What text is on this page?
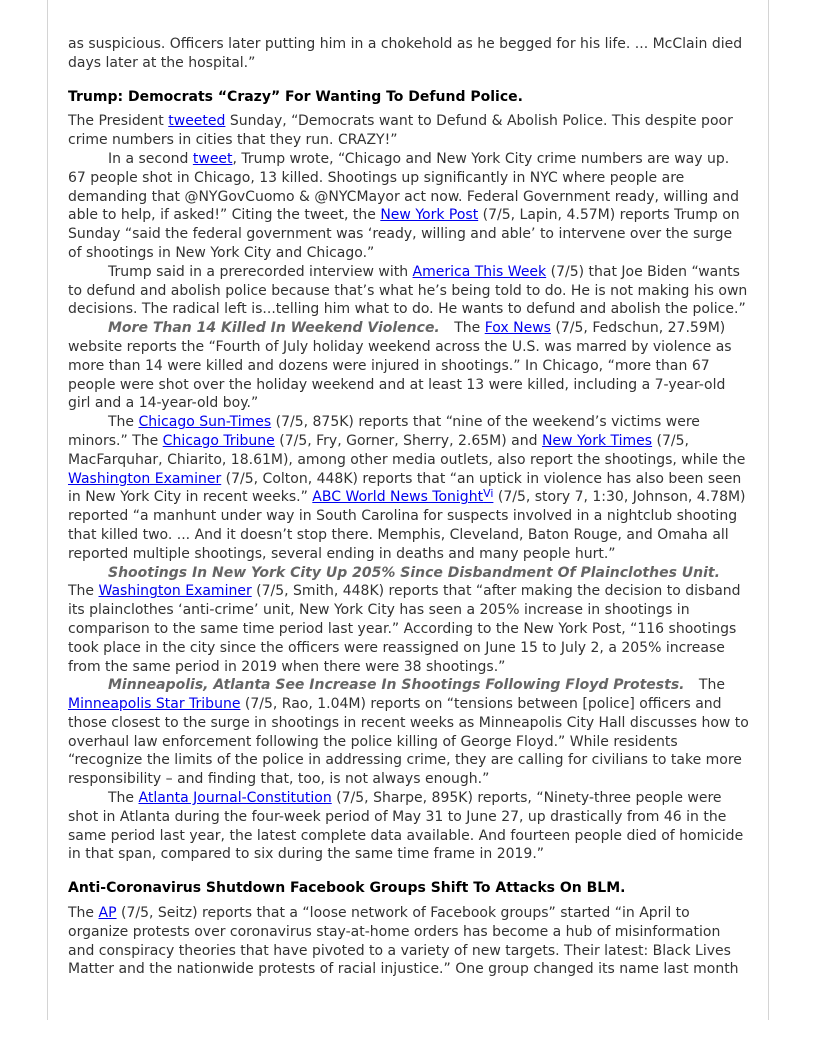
as suspicious. Officers later putting him in a chokehold as he begged for his life. ... McClain died days later at the hospital.”

Trump: Democrats “Crazy” For Wanting To Defund Police.

The President tweeted Sunday, “Democrats want to Defund & Abolish Police. This despite poor crime numbers in cities that they run. CRAZY!”

In a second tweet, Trump wrote, “Chicago and New York City crime numbers are way up. 67 people shot in Chicago, 13 killed. Shootings up significantly in NYC where people are demanding that @NYGovCuomo & @NYCMayor act now. Federal Government ready, willing and able to help, if asked!” Citing the tweet, the New York Post (7/5, Lapin, 4.57M) reports Trump on Sunday “said the federal government was ‘ready, willing and able’ to intervene over the surge of shootings in New York City and Chicago.”

Trump said in a prerecorded interview with America This Week (7/5) that Joe Biden “wants to defund and abolish police because that’s what he’s being told to do. He is not making his own decisions. The radical left is...telling him what to do. He wants to defund and abolish the police.”

More Than 14 Killed In Weekend Violence. The Fox News (7/5, Fedschun, 27.59M) website reports the “Fourth of July holiday weekend across the U.S. was marred by violence as more than 14 were killed and dozens were injured in shootings.” In Chicago, “more than 67 people were shot over the holiday weekend and at least 13 were killed, including a 7-year-old girl and a 14-year-old boy.”

The Chicago Sun-Times (7/5, 875K) reports that “nine of the weekend’s victims were minors.” The Chicago Tribune (7/5, Fry, Gorner, Sherry, 2.65M) and New York Times (7/5, MacFarquhar, Chiarito, 18.61M), among other media outlets, also report the shootings, while the Washington Examiner (7/5, Colton, 448K) reports that “an uptick in violence has also been seen in New York City in recent weeks.” ABC World News Tonight$^{Vi}$ (7/5, story 7, 1:30, Johnson, 4.78M) reported “a manhunt under way in South Carolina for suspects involved in a nightclub shooting that killed two. ... And it doesn’t stop there. Memphis, Cleveland, Baton Rouge, and Omaha all reported multiple shootings, several ending in deaths and many people hurt.”

Shootings In New York City Up 205% Since Disbandment Of Plainclothes Unit. The Washington Examiner (7/5, Smith, 448K) reports that “after making the decision to disband its plainclothes ‘anti-crime’ unit, New York City has seen a 205% increase in shootings in comparison to the same time period last year.” According to the New York Post, “116 shootings took place in the city since the officers were reassigned on June 15 to July 2, a 205% increase from the same period in 2019 when there were 38 shootings.”

Minneapolis, Atlanta See Increase In Shootings Following Floyd Protests. The Minneapolis Star Tribune (7/5, Rao, 1.04M) reports on “tensions between [police] officers and those closest to the surge in shootings in recent weeks as Minneapolis City Hall discusses how to overhaul law enforcement following the police killing of George Floyd.” While residents “recognize the limits of the police in addressing crime, they are calling for civilians to take more responsibility – and finding that, too, is not always enough.”

The Atlanta Journal-Constitution (7/5, Sharpe, 895K) reports, “Ninety-three people were shot in Atlanta during the four-week period of May 31 to June 27, up drastically from 46 in the same period last year, the latest complete data available. And fourteen people died of homicide in that span, compared to six during the same time frame in 2019.”

Anti-Coronavirus Shutdown Facebook Groups Shift To Attacks On BLM.

The AP (7/5, Seitz) reports that a “loose network of Facebook groups” started “in April to organize protests over coronavirus stay-at-home orders has become a hub of misinformation and conspiracy theories that have pivoted to a variety of new targets. Their latest: Black Lives Matter and the nationwide protests of racial injustice.” One group changed its name last month
